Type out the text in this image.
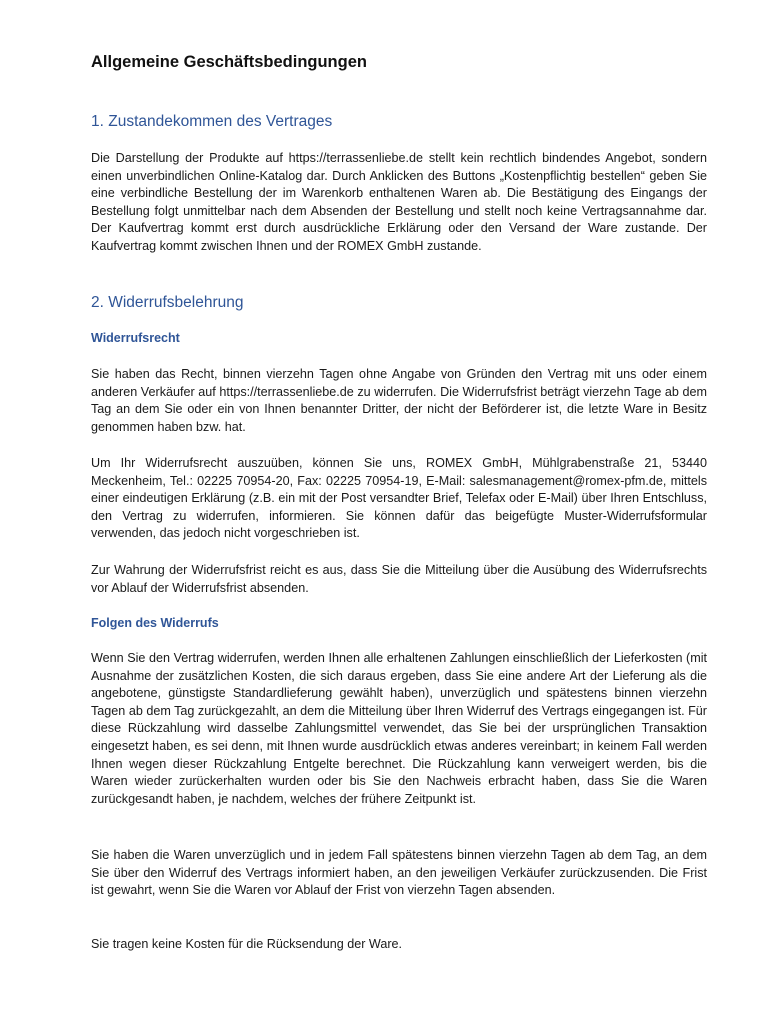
Allgemeine Geschäftsbedingungen
1. Zustandekommen des Vertrages

Die Darstellung der Produkte auf https://terrassenliebe.de stellt kein rechtlich bindendes Angebot, sondern einen unverbindlichen Online-Katalog dar. Durch Anklicken des Buttons „Kostenpflichtig bestellen“ geben Sie eine verbindliche Bestellung der im Warenkorb enthaltenen Waren ab. Die Bestätigung des Eingangs der Bestellung folgt unmittelbar nach dem Absenden der Bestellung und stellt noch keine Vertragsannahme dar. Der Kaufvertrag kommt erst durch ausdrückliche Erklärung oder den Versand der Ware zustande. Der Kaufvertrag kommt zwischen Ihnen und der ROMEX GmbH zustande.

2. Widerrufsbelehrung
Widerrufsrecht

Sie haben das Recht, binnen vierzehn Tagen ohne Angabe von Gründen den Vertrag mit uns oder einem anderen Verkäufer auf https://terrassenliebe.de zu widerrufen. Die Widerrufsfrist beträgt vierzehn Tage ab dem Tag an dem Sie oder ein von Ihnen benannter Dritter, der nicht der Beförderer ist, die letzte Ware in Besitz genommen haben bzw. hat.

Um Ihr Widerrufsrecht auszuüben, können Sie uns, ROMEX GmbH, Mühlgrabenstraße 21, 53440 Meckenheim, Tel.: 02225 70954-20, Fax: 02225 70954-19, E-Mail: salesmanagement@romex-pfm.de, mittels einer eindeutigen Erklärung (z.B. ein mit der Post versandter Brief, Telefax oder E-Mail) über Ihren Entschluss, den Vertrag zu widerrufen, informieren. Sie können dafür das beigefügte Muster-Widerrufsformular verwenden, das jedoch nicht vorgeschrieben ist.

Zur Wahrung der Widerrufsfrist reicht es aus, dass Sie die Mitteilung über die Ausübung des Widerrufsrechts vor Ablauf der Widerrufsfrist absenden.

Folgen des Widerrufs

Wenn Sie den Vertrag widerrufen, werden Ihnen alle erhaltenen Zahlungen einschließlich der Lieferkosten (mit Ausnahme der zusätzlichen Kosten, die sich daraus ergeben, dass Sie eine andere Art der Lieferung als die angebotene, günstigste Standardlieferung gewählt haben), unverzüglich und spätestens binnen vierzehn Tagen ab dem Tag zurückgezahlt, an dem die Mitteilung über Ihren Widerruf des Vertrags eingegangen ist. Für diese Rückzahlung wird dasselbe Zahlungsmittel verwendet, das Sie bei der ursprünglichen Transaktion eingesetzt haben, es sei denn, mit Ihnen wurde ausdrücklich etwas anderes vereinbart; in keinem Fall werden Ihnen wegen dieser Rückzahlung Entgelte berechnet. Die Rückzahlung kann verweigert werden, bis die Waren wieder zurückerhalten wurden oder bis Sie den Nachweis erbracht haben, dass Sie die Waren zurückgesandt haben, je nachdem, welches der frühere Zeitpunkt ist.

Sie haben die Waren unverzüglich und in jedem Fall spätestens binnen vierzehn Tagen ab dem Tag, an dem Sie über den Widerruf des Vertrags informiert haben, an den jeweiligen Verkäufer zurückzusenden. Die Frist ist gewahrt, wenn Sie die Waren vor Ablauf der Frist von vierzehn Tagen absenden.

Sie tragen keine Kosten für die Rücksendung der Ware.
